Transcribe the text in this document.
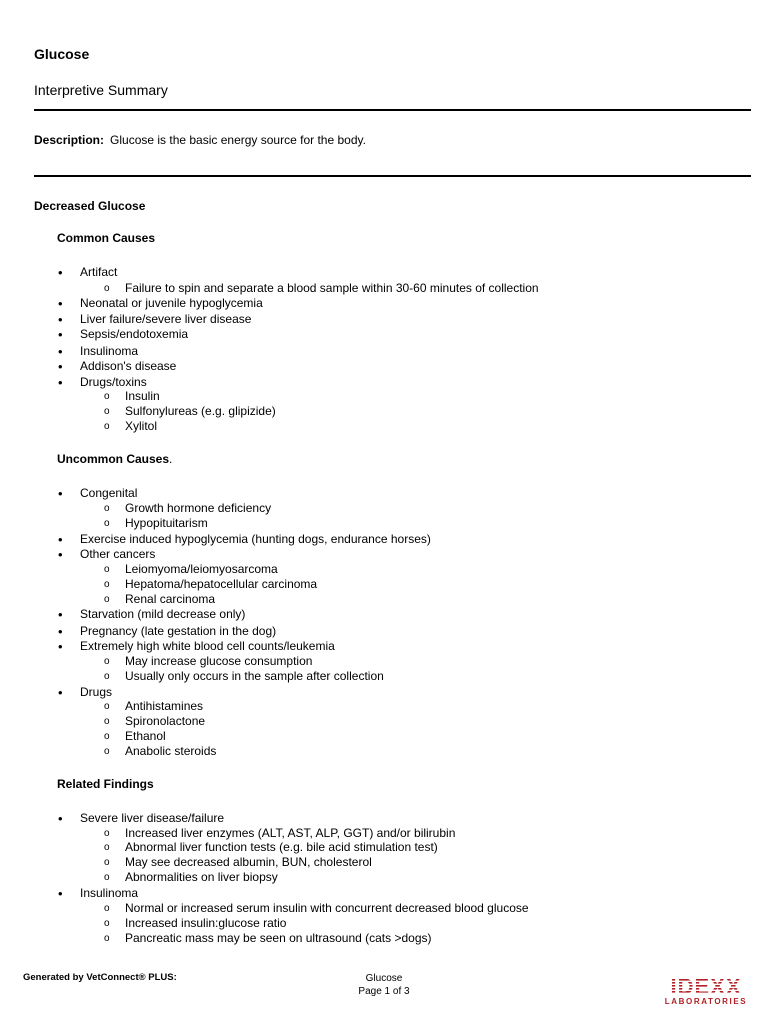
Glucose
Interpretive Summary
Description: Glucose is the basic energy source for the body.
Decreased Glucose
Common Causes
Uncommon Causes.
Related Findings
• Artifact
o Failure to spin and separate a blood sample within 30-60 minutes of collection
• Neonatal or juvenile hypoglycemia
• Liver failure/severe liver disease
• Sepsis/endotoxemia
• Insulinoma
• Addison's disease
• Drugs/toxins
o Insulin
o Sulfonylureas (e.g. glipizide)
o Xylitol
• Congenital
o Growth hormone deficiency
o Hypopituitarism
• Exercise induced hypoglycemia (hunting dogs, endurance horses)
• Other cancers
o Leiomyoma/leiomyosarcoma
o Hepatoma/hepatocellular carcinoma
o Renal carcinoma
• Starvation (mild decrease only)
• Pregnancy (late gestation in the dog)
• Extremely high white blood cell counts/leukemia
o May increase glucose consumption
o Usually only occurs in the sample after collection
• Drugs
o Antihistamines
o Spironolactone
o Ethanol
o Anabolic steroids
• Severe liver disease/failure
o Increased liver enzymes (ALT, AST, ALP, GGT) and/or bilirubin
o Abnormal liver function tests (e.g. bile acid stimulation test)
o May see decreased albumin, BUN, cholesterol
o Abnormalities on liver biopsy
• Insulinoma
o Normal or increased serum insulin with concurrent decreased blood glucose
o Increased insulin:glucose ratio
o Pancreatic mass may be seen on ultrasound (cats >dogs)
Generated by VetConnect® PLUS:	Glucose
Page 1 of 3	IDEXX
LABORATORIES
